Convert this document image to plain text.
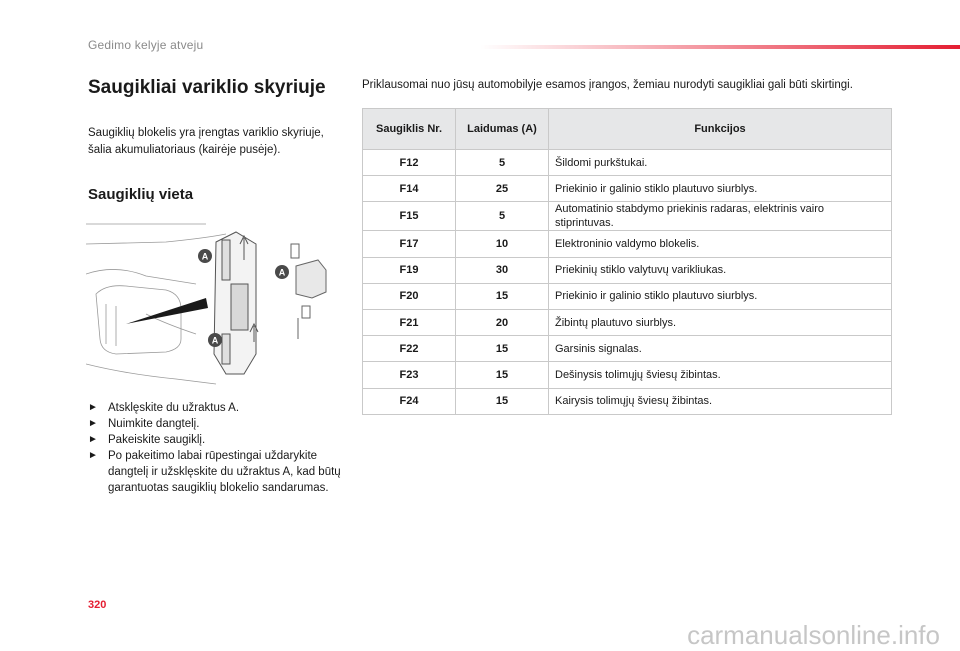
Gedimo kelyje atveju
Saugikliai variklio skyriuje
Saugiklių blokelis yra įrengtas variklio skyriuje, šalia akumuliatoriaus (kairėje pusėje).
Saugiklių vieta
A
A
A
► Atsklęskite du užraktus A.
► Nuimkite dangtelį.
► Pakeiskite saugiklį.
► Po pakeitimo labai rūpestingai uždarykite dangtelį ir užsklęskite du užraktus A, kad būtų garantuotas saugiklių blokelio sandarumas.
Priklausomai nuo jūsų automobilyje esamos įrangos, žemiau nurodyti saugikliai gali būti skirtingi.
Saugiklis Nr.	Laidumas (A)	Funkcijos
F12	5	Šildomi purkštukai.
F14	25	Priekinio ir galinio stiklo plautuvo siurblys.
F15	5	Automatinio stabdymo priekinis radaras, elektrinis vairo stiprintuvas.
F17	10	Elektroninio valdymo blokelis.
F19	30	Priekinių stiklo valytuvų varikliukas.
F20	15	Priekinio ir galinio stiklo plautuvo siurblys.
F21	20	Žibintų plautuvo siurblys.
F22	15	Garsinis signalas.
F23	15	Dešinysis tolimųjų šviesų žibintas.
F24	15	Kairysis tolimųjų šviesų žibintas.
320
carmanualsonline.info
